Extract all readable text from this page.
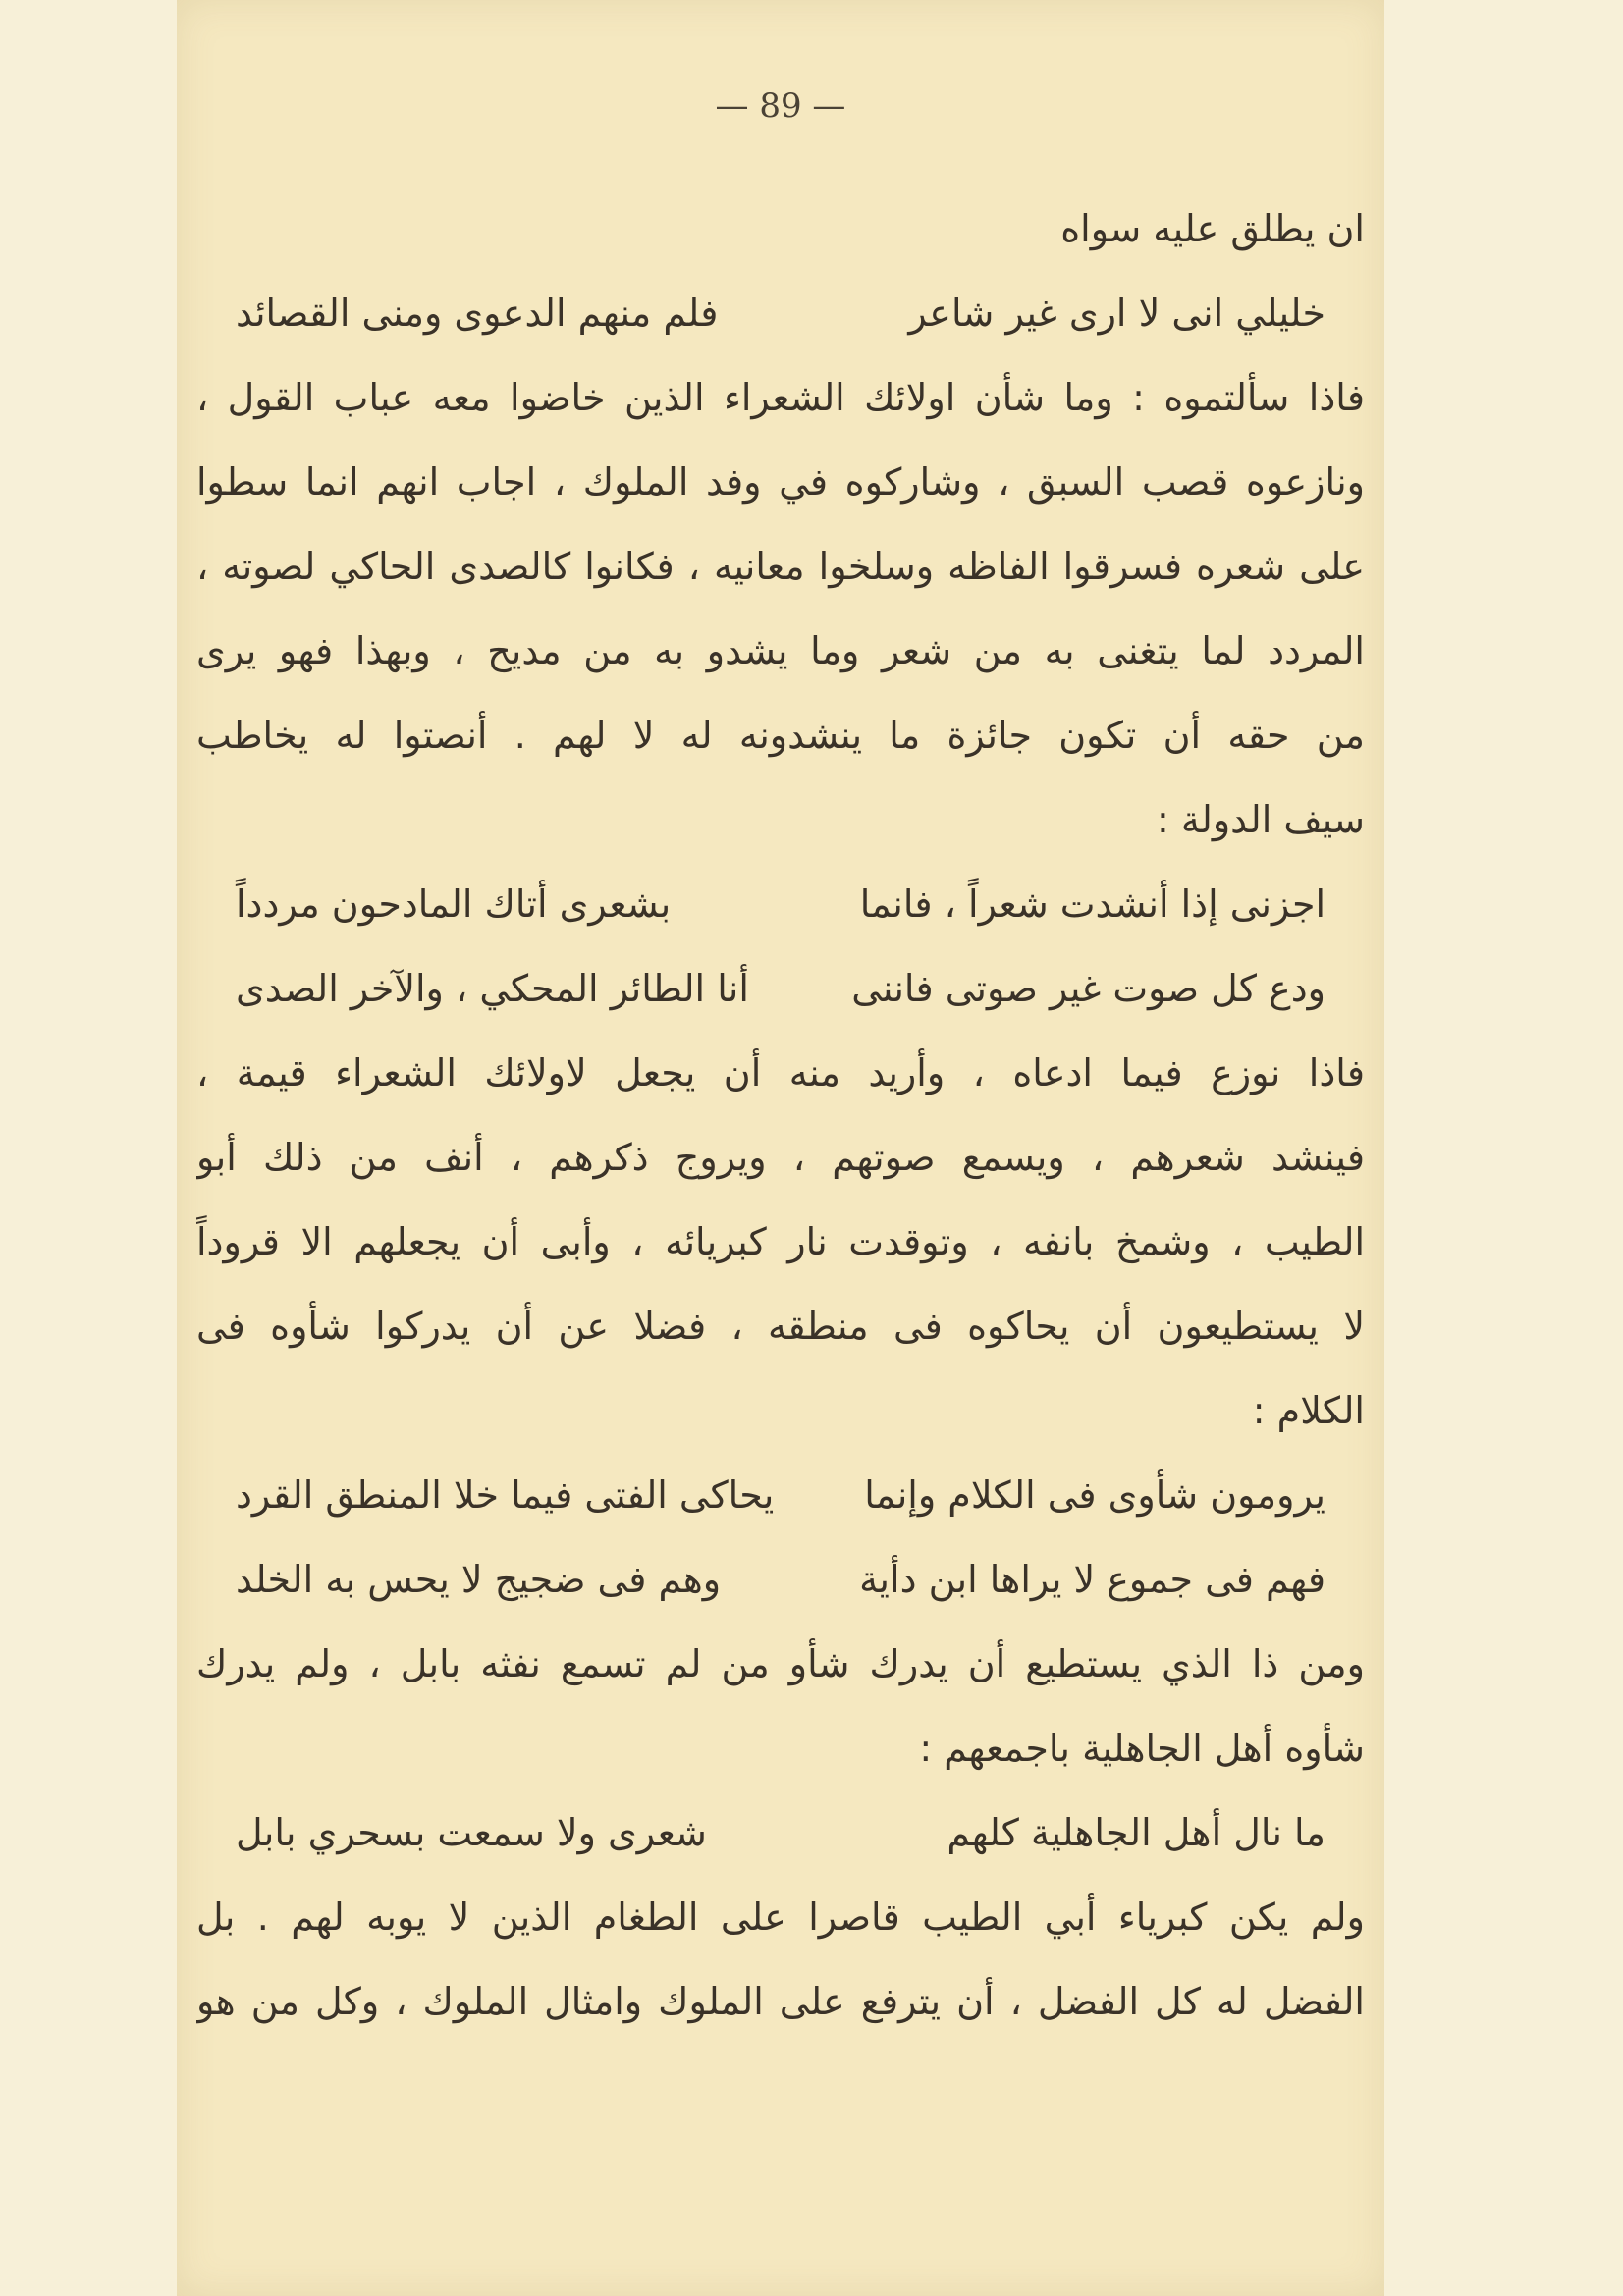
— 89 —
ان يطلق عليه سواه
خليلي انى لا ارى غير شاعر
فلم منهم الدعوى ومنى القصائد
فاذا سألتموه : وما شأن اولائك الشعراء الذين خاضوا معه عباب القول ،
ونازعوه قصب السبق ، وشاركوه في وفد الملوك ، اجاب انهم انما سطوا
على شعره فسرقوا الفاظه وسلخوا معانيه ، فكانوا كالصدى الحاكي لصوته ،
المردد لما يتغنى به من شعر وما يشدو به من مديح ، وبهذا فهو يرى
من حقه أن تكون جائزة ما ينشدونه له لا لهم . أنصتوا له يخاطب
سيف الدولة :
اجزنى إذا أنشدت شعراً ، فانما
بشعرى أتاك المادحون مردداً
ودع كل صوت غير صوتى فاننى
أنا الطائر المحكي ، والآخر الصدى
فاذا نوزع فيما ادعاه ، وأريد منه أن يجعل لاولائك الشعراء قيمة ،
فينشد شعرهم ، ويسمع صوتهم ، ويروج ذكرهم ، أنف من ذلك أبو
الطيب ، وشمخ بانفه ، وتوقدت نار كبريائه ، وأبى أن يجعلهم الا قروداً
لا يستطيعون أن يحاكوه فى منطقه ، فضلا عن أن يدركوا شأوه فى
الكلام :
يرومون شأوى فى الكلام وإنما
يحاكى الفتى فيما خلا المنطق القرد
فهم فى جموع لا يراها ابن دأية
وهم فى ضجيج لا يحس به الخلد
ومن ذا الذي يستطيع أن يدرك شأو من لم تسمع نفثه بابل ، ولم يدرك
شأوه أهل الجاهلية باجمعهم :
ما نال أهل الجاهلية كلهم
شعرى ولا سمعت بسحري بابل
ولم يكن كبرياء أبي الطيب قاصرا على الطغام الذين لا يوبه لهم . بل
الفضل له كل الفضل ، أن يترفع على الملوك وامثال الملوك ، وكل من هو
